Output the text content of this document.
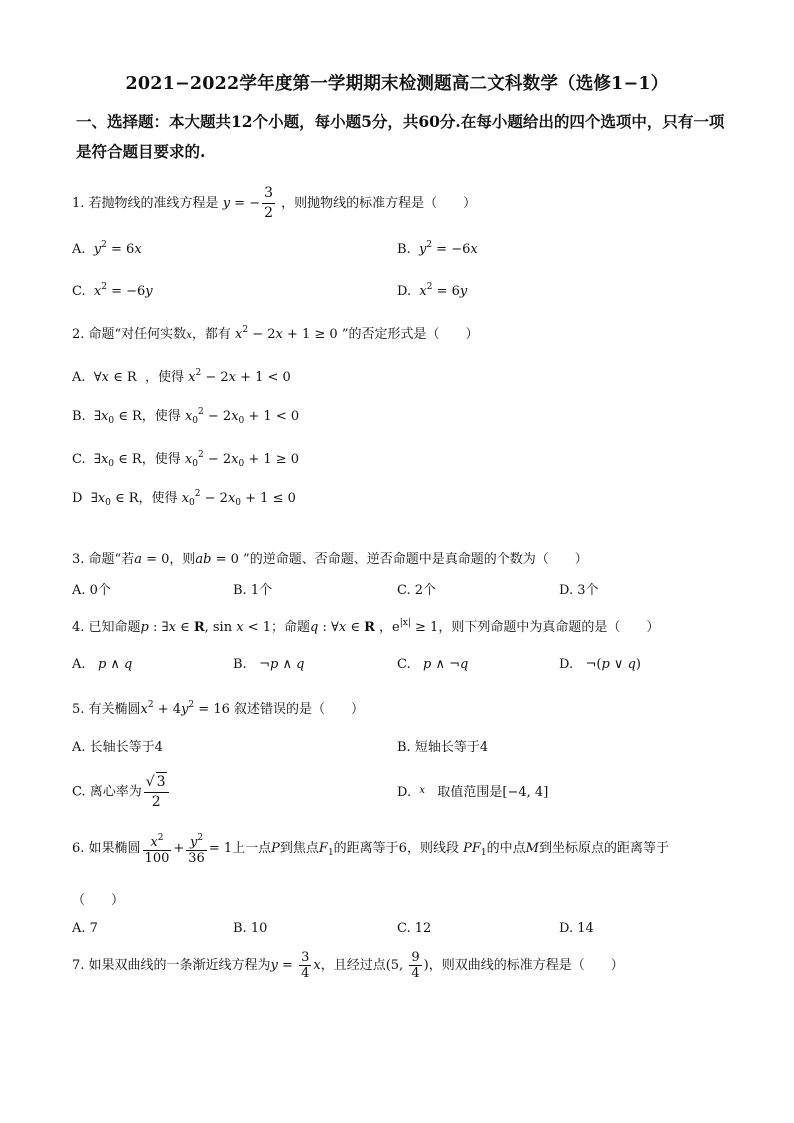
2021−2022学年度第一学期期末检测题高二文科数学（选修1−1）
一、选择题：本大题共12个小题，每小题5分，共60分.在每小题给出的四个选项中，只有一项是符合题目要求的.
1. 若抛物线的准线方程是 y = − $\frac{3}{2}$ ，则抛物线的标准方程是（　　）
A. $y^2 = 6x$	B. $y^2 = -6x$
C. $x^2 = -6y$	D. $x^2 = 6y$
2. 命题“对任何实数x，都有 $x^2 - 2x + 1 \ge 0$ ”的否定形式是（　　）
A.  ∀x ∈ R  ，使得 $x^2 - 2x + 1 < 0$
B.  $\exists x_0$ ∈ R，使得 $x_0^2 - 2x_0 + 1 < 0$
C.  $\exists x_0$ ∈ R，使得 $x_0^2 - 2x_0 + 1 \ge 0$
D  $\exists x_0$ ∈ R，使得 $x_0^2 - 2x_0 + 1 \le 0$
3. 命题“若a = 0，则ab = 0 ”的逆命题、否命题、逆否命题中是真命题的个数为（　　）
A. 0个	B. 1个	C. 2个	D. 3个
4. 已知命题p : ∃x ∈ R, sin x < 1；命题q : ∀x ∈ R ，$e^{|x|} \ge 1$，则下列命题中为真命题的是（　　）
A. p ∧ q	B.   ¬p ∧ q	C. p ∧ ¬q	D.   ¬(p ∨ q)
5. 有关椭圆$x^2 + 4y^2 = 16$ 叙述错误的是（　　）
A. 长轴长等于4	B. 短轴长等于4
C. 离心率为 $\frac{√ 3}{2}$	D. $^x$ 取值范围是[−4, 4]
6. 如果椭圆 $\frac{x^2}{100} + \frac{y^2}{36} = 1$上一点P到焦点$F_1$的距离等于6，则线段 $PF_1$的中点M到坐标原点的距离等于
（　　）
A. 7	B. 10	C. 12	D. 14
7. 如果双曲线的一条渐近线方程为$y = \frac{3}{4}$ x，且经过点(5, $\frac{9}{4}$ )，则双曲线的标准方程是（　　）
